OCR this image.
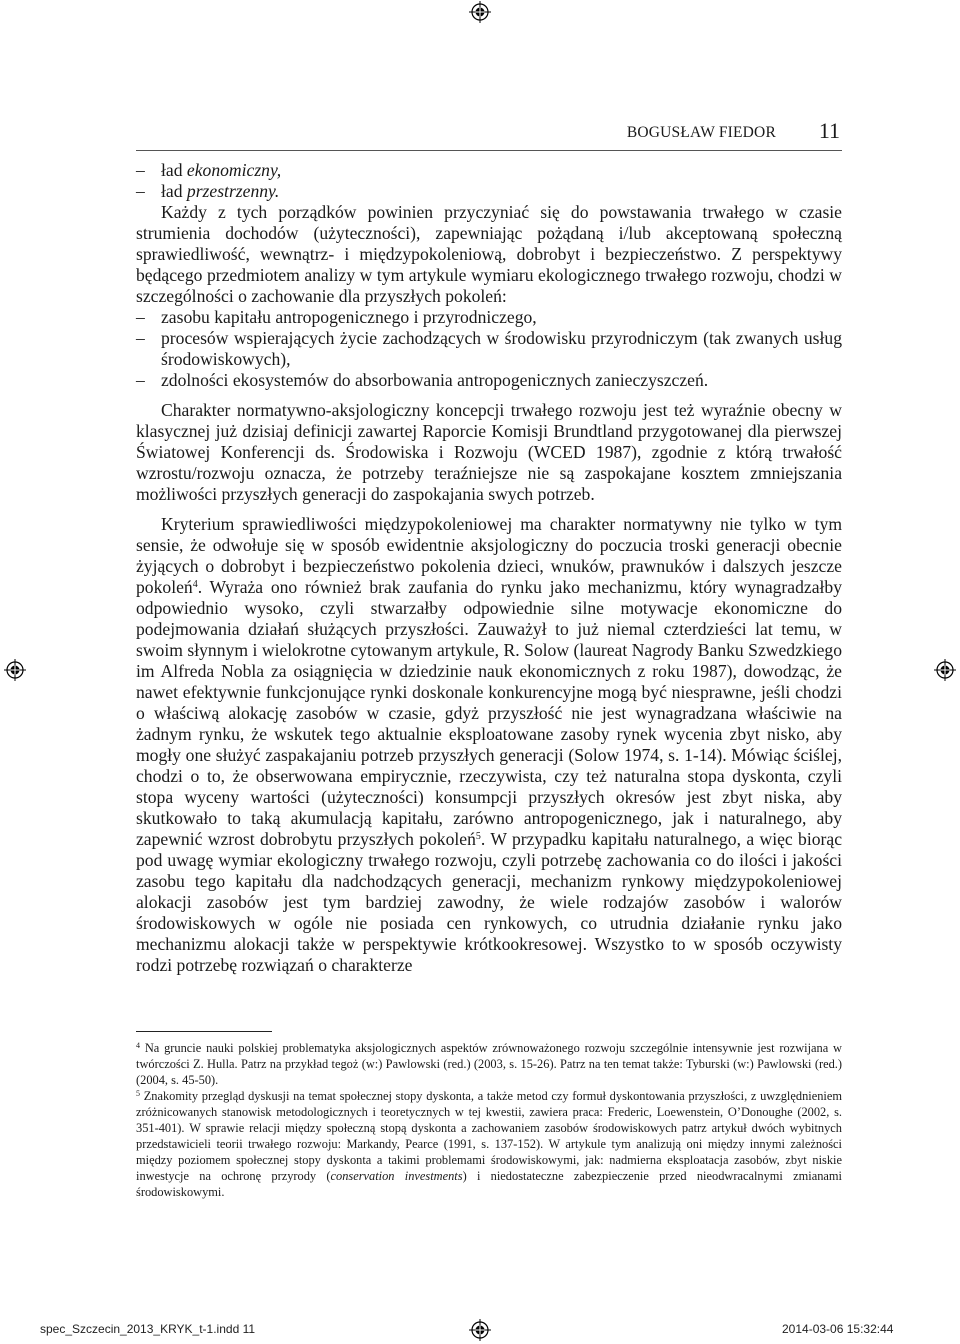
BOGUSŁAW FIEDOR 11
– ład ekonomiczny,
– ład przestrzenny.

Każdy z tych porządków powinien przyczyniać się do powstawania trwałego w czasie strumienia dochodów (użyteczności), zapewniając pożądaną i/lub akceptowaną społeczną sprawiedliwość, wewnątrz- i międzypokoleniową, dobrobyt i bezpieczeństwo. Z perspektywy będącego przedmiotem analizy w tym artykule wymiaru ekologicznego trwałego rozwoju, chodzi w szczególności o zachowanie dla przyszłych pokoleń:

– zasobu kapitału antropogenicznego i przyrodniczego,
– procesów wspierających życie zachodzących w środowisku przyrodniczym (tak zwanych usług środowiskowych),
– zdolności ekosystemów do absorbowania antropogenicznych zanieczyszczeń.

Charakter normatywno-aksjologiczny koncepcji trwałego rozwoju jest też wyraźnie obecny w klasycznej już dzisiaj definicji zawartej Raporcie Komisji Brundtland przygotowanej dla pierwszej Światowej Konferencji ds. Środowiska i Rozwoju (WCED 1987), zgodnie z którą trwałość wzrostu/rozwoju oznacza, że potrzeby teraźniejsze nie są zaspokajane kosztem zmniejszania możliwości przyszłych generacji do zaspokajania swych potrzeb.

Kryterium sprawiedliwości międzypokoleniowej ma charakter normatywny nie tylko w tym sensie, że odwołuje się w sposób ewidentnie aksjologiczny do poczucia troski generacji obecnie żyjących o dobrobyt i bezpieczeństwo pokolenia dzieci, wnuków, prawnuków i dalszych jeszcze pokoleń$^4$. Wyraża ono również brak zaufania do rynku jako mechanizmu, który wynagradzałby odpowiednio wysoko, czyli stwarzałby odpowiednie silne motywacje ekonomiczne do podejmowania działań służących przyszłości. Zauważył to już niemal czterdzieści lat temu, w swoim słynnym i wielokrotne cytowanym artykule, R. Solow (laureat Nagrody Banku Szwedzkiego im Alfreda Nobla za osiągnięcia w dziedzinie nauk ekonomicznych z roku 1987), dowodząc, że nawet efektywnie funkcjonujące rynki doskonale konkurencyjne mogą być niesprawne, jeśli chodzi o właściwą alokację zasobów w czasie, gdyż przyszłość nie jest wynagradzana właściwie na żadnym rynku, że wskutek tego aktualnie eksploatowane zasoby rynek wycenia zbyt nisko, aby mogły one służyć zaspakajaniu potrzeb przyszłych generacji (Solow 1974, s. 1-14). Mówiąc ściślej, chodzi o to, że obserwowana empirycznie, rzeczywista, czy też naturalna stopa dyskonta, czyli stopa wyceny wartości (użyteczności) konsumpcji przyszłych okresów jest zbyt niska, aby skutkowało to taką akumulacją kapitału, zarówno antropogenicznego, jak i naturalnego, aby zapewnić wzrost dobrobytu przyszłych pokoleń$^5$. W przypadku kapitału naturalnego, a więc biorąc pod uwagę wymiar ekologiczny trwałego rozwoju, czyli potrzebę zachowania co do ilości i jakości zasobu tego kapitału dla nadchodzących generacji, mechanizm rynkowy międzypokoleniowej alokacji zasobów jest tym bardziej zawodny, że wiele rodzajów zasobów i walorów środowiskowych w ogóle nie posiada cen rynkowych, co utrudnia działanie rynku jako mechanizmu alokacji także w perspektywie krótkookresowej. Wszystko to w sposób oczywisty rodzi potrzebę rozwiązań o charakterze

$^4$ Na gruncie nauki polskiej problematyka aksjologicznych aspektów zrównoważonego rozwoju szczególnie intensywnie jest rozwijana w twórczości Z. Hulla. Patrz na przykład tegoż (w:) Pawlowski (red.) (2003, s. 15-26). Patrz na ten temat także: Tyburski (w:) Pawlowski (red.) (2004, s. 45-50).

$^5$ Znakomity przegląd dyskusji na temat społecznej stopy dyskonta, a także metod czy formuł dyskontowania przyszłości, z uwzględnieniem zróżnicowanych stanowisk metodologicznych i teoretycznych w tej kwestii, zawiera praca: Frederic, Loewenstein, O’Donoughe (2002, s. 351-401). W sprawie relacji między społeczną stopą dyskonta a zachowaniem zasobów środowiskowych patrz artykuł dwóch wybitnych przedstawicieli teorii trwałego rozwoju: Markandy, Pearce (1991, s. 137-152). W artykule tym analizują oni między innymi zależności między poziomem społecznej stopy dyskonta a takimi problemami środowiskowymi, jak: nadmierna eksploatacja zasobów, zbyt niskie inwestycje na ochronę przyrody (conservation investments) i niedostateczne zabezpieczenie przed nieodwracalnymi zmianami środowiskowymi.

spec_Szczecin_2013_KRYK_t-1.indd 11	2014-03-06 15:32:44
